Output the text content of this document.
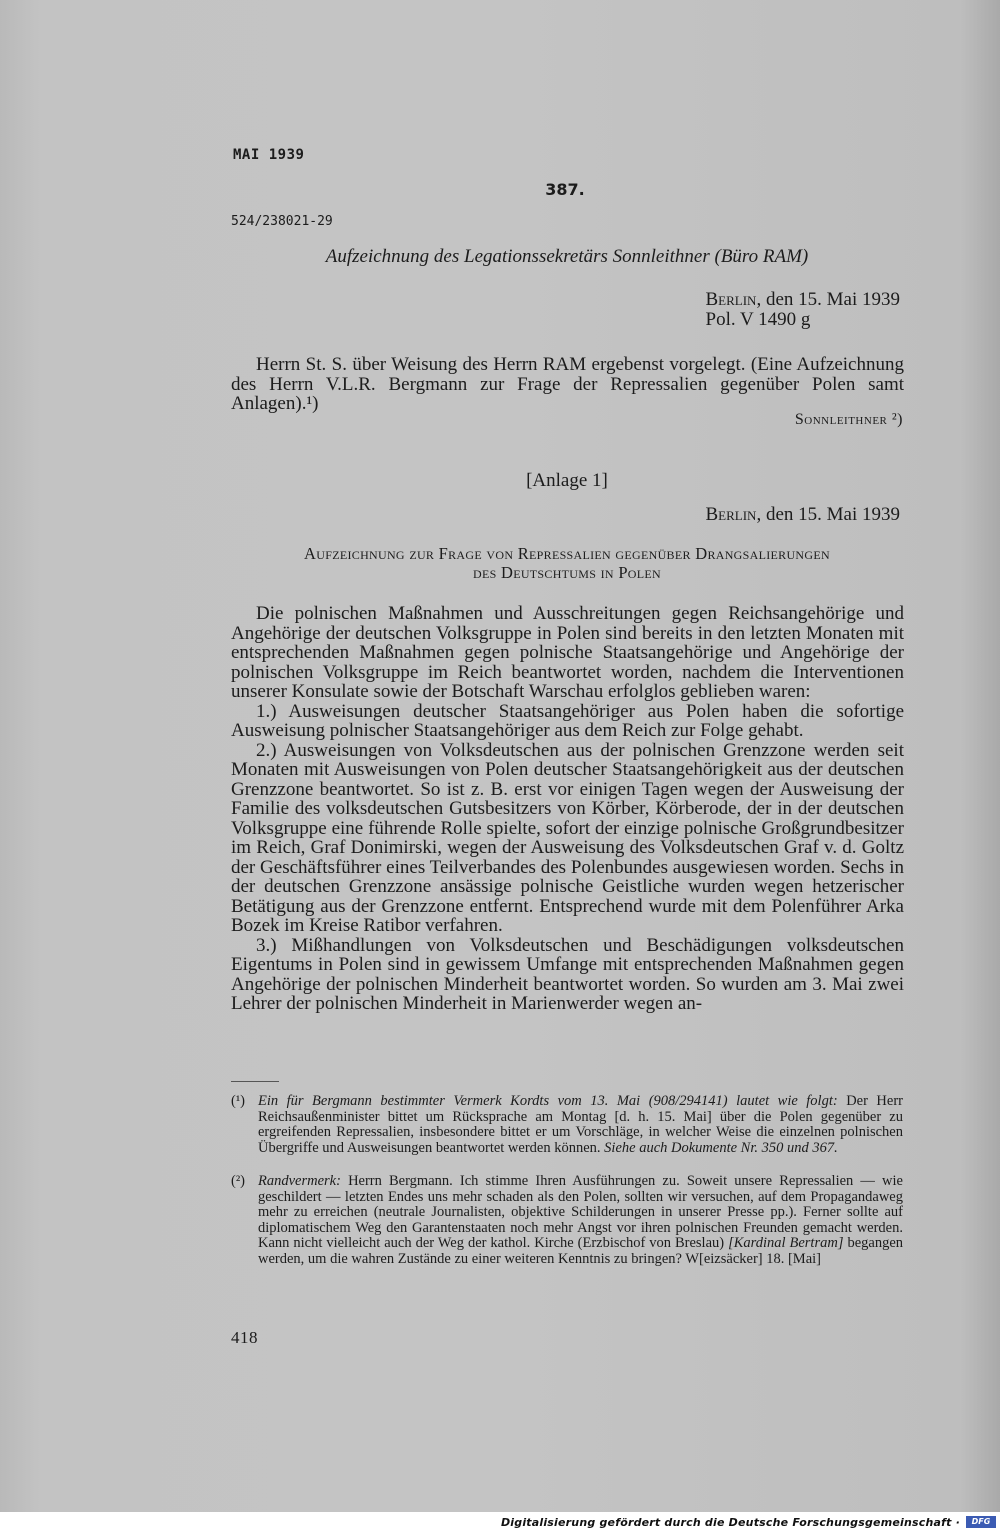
MAI 1939
387.
524/238021-29
Aufzeichnung des Legationssekretärs Sonnleithner (Büro RAM)
Berlin, den 15. Mai 1939
Pol. V 1490 g
Herrn St. S. über Weisung des Herrn RAM ergebenst vorgelegt. (Eine Aufzeichnung des Herrn V.L.R. Bergmann zur Frage der Repressalien gegenüber Polen samt Anlagen).¹)
Sonnleithner ²)
[Anlage 1]
Berlin, den 15. Mai 1939
Aufzeichnung zur Frage von Repressalien gegenüber Drangsalierungen
des Deutschtums in Polen

Die polnischen Maßnahmen und Ausschreitungen gegen Reichsangehörige und Angehörige der deutschen Volksgruppe in Polen sind bereits in den letzten Monaten mit entsprechenden Maßnahmen gegen polnische Staatsangehörige und Angehörige der polnischen Volksgruppe im Reich beantwortet worden, nachdem die Interventionen unserer Konsulate sowie der Botschaft Warschau erfolglos geblieben waren:

1.) Ausweisungen deutscher Staatsangehöriger aus Polen haben die sofortige Ausweisung polnischer Staatsangehöriger aus dem Reich zur Folge gehabt.

2.) Ausweisungen von Volksdeutschen aus der polnischen Grenzzone werden seit Monaten mit Ausweisungen von Polen deutscher Staatsangehörigkeit aus der deutschen Grenzzone beantwortet. So ist z. B. erst vor einigen Tagen wegen der Ausweisung der Familie des volksdeutschen Gutsbesitzers von Körber, Körberode, der in der deutschen Volksgruppe eine führende Rolle spielte, sofort der einzige polnische Großgrundbesitzer im Reich, Graf Donimirski, wegen der Ausweisung des Volksdeutschen Graf v. d. Goltz der Geschäftsführer eines Teilverbandes des Polenbundes ausgewiesen worden. Sechs in der deutschen Grenzzone ansässige polnische Geistliche wurden wegen hetzerischer Betätigung aus der Grenzzone entfernt. Entsprechend wurde mit dem Polenführer Arka Bozek im Kreise Ratibor verfahren.

3.) Mißhandlungen von Volksdeutschen und Beschädigungen volksdeutschen Eigentums in Polen sind in gewissem Umfange mit entsprechenden Maßnahmen gegen Angehörige der polnischen Minderheit beantwortet worden. So wurden am 3. Mai zwei Lehrer der polnischen Minderheit in Marienwerder wegen an-

(¹) Ein für Bergmann bestimmter Vermerk Kordts vom 13. Mai (908/294141) lautet wie folgt: Der Herr Reichsaußenminister bittet um Rücksprache am Montag [d. h. 15. Mai] über die Polen gegenüber zu ergreifenden Repressalien, insbesondere bittet er um Vorschläge, in welcher Weise die einzelnen polnischen Übergriffe und Ausweisungen beantwortet werden können. Siehe auch Dokumente Nr. 350 und 367.
(²) Randvermerk: Herrn Bergmann. Ich stimme Ihren Ausführungen zu. Soweit unsere Repressalien — wie geschildert — letzten Endes uns mehr schaden als den Polen, sollten wir versuchen, auf dem Propagandaweg mehr zu erreichen (neutrale Journalisten, objektive Schilderungen in unserer Presse pp.). Ferner sollte auf diplomatischem Weg den Garantenstaaten noch mehr Angst vor ihren polnischen Freunden gemacht werden. Kann nicht vielleicht auch der Weg der kathol. Kirche (Erzbischof von Breslau) [Kardinal Bertram] begangen werden, um die wahren Zustände zu einer weiteren Kenntnis zu bringen? W[eizsäcker] 18. [Mai]
418
Digitalisierung gefördert durch die Deutsche Forschungsgemeinschaft ·	DFG
